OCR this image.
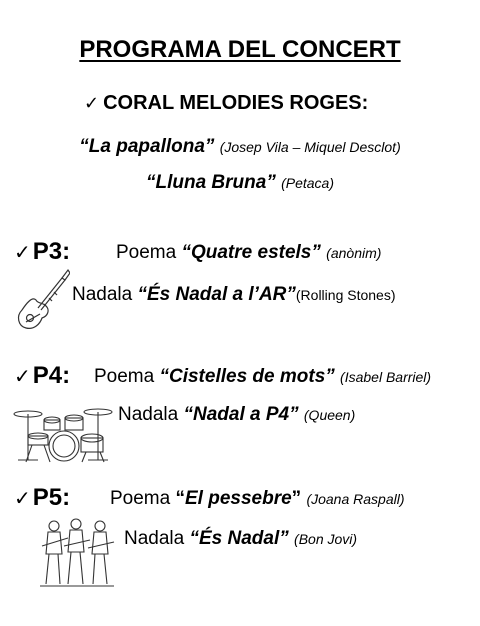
PROGRAMA DEL CONCERT
✓ CORAL MELODIES ROGES:
“La papallona” (Josep Vila – Miquel Desclot)
“Lluna Bruna” (Petaca)
✓P3: Poema “Quatre estels” (anònim)
Nadala “És Nadal a l’AR”(Rolling Stones)
✓P4: Poema “Cistelles de mots” (Isabel Barriel)
Nadala “Nadal a P4” (Queen)
✓P5: Poema “El pessebre” (Joana Raspall)
Nadala “És Nadal” (Bon Jovi)
